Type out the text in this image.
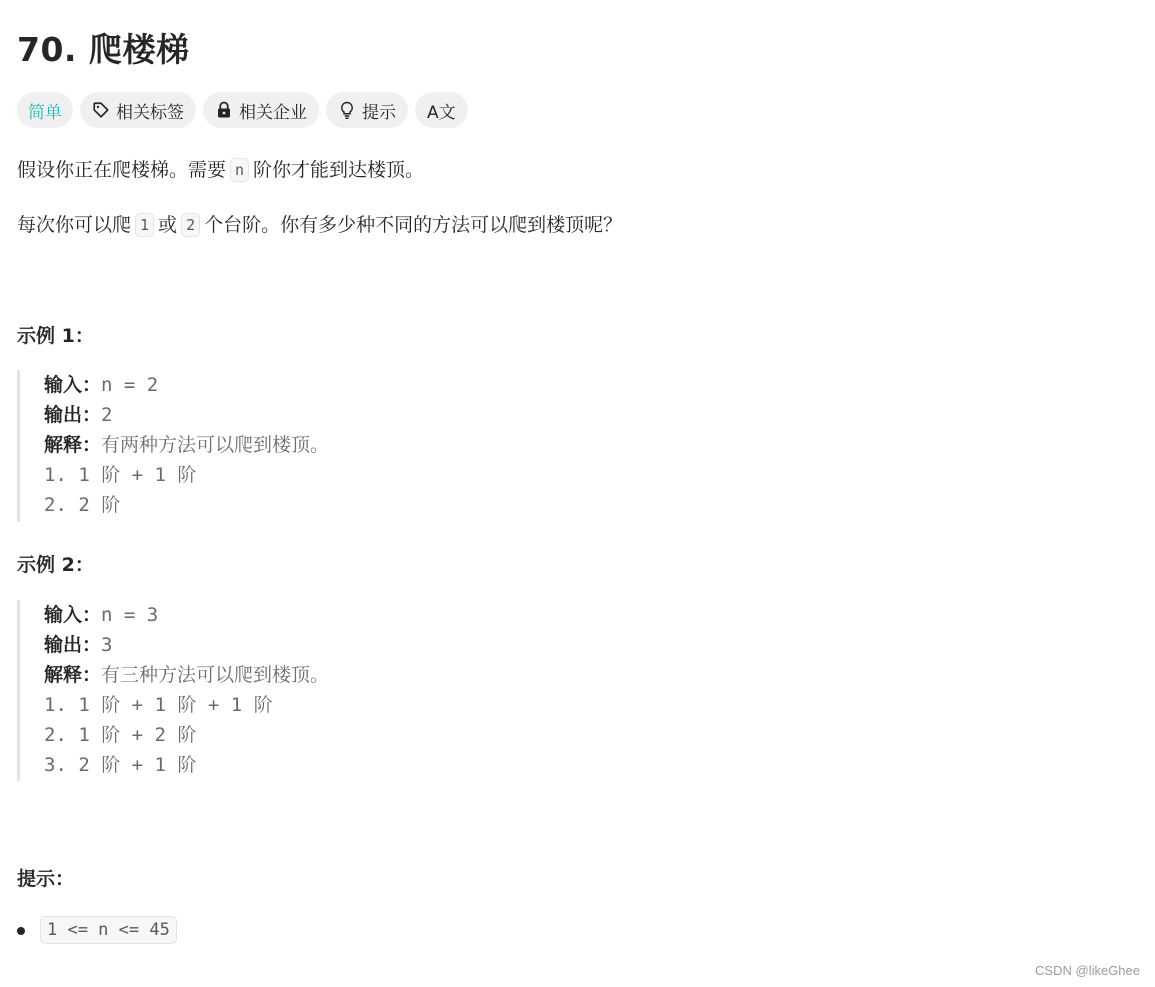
70. 爬楼梯
简单	相关标签	相关企业	提示 A文

假设你正在爬楼梯。需要 n 阶你才能到达楼顶。

每次你可以爬 1 或 2 个台阶。你有多少种不同的方法可以爬到楼顶呢？

示例 1：
输入：n = 2
输出：2
解释：有两种方法可以爬到楼顶。
1. 1 阶 + 1 阶
2. 2 阶
示例 2：
输入：n = 3
输出：3
解释：有三种方法可以爬到楼顶。
1. 1 阶 + 1 阶 + 1 阶
2. 1 阶 + 2 阶
3. 2 阶 + 1 阶
提示：
1 <= n <= 45
CSDN @likeGhee
